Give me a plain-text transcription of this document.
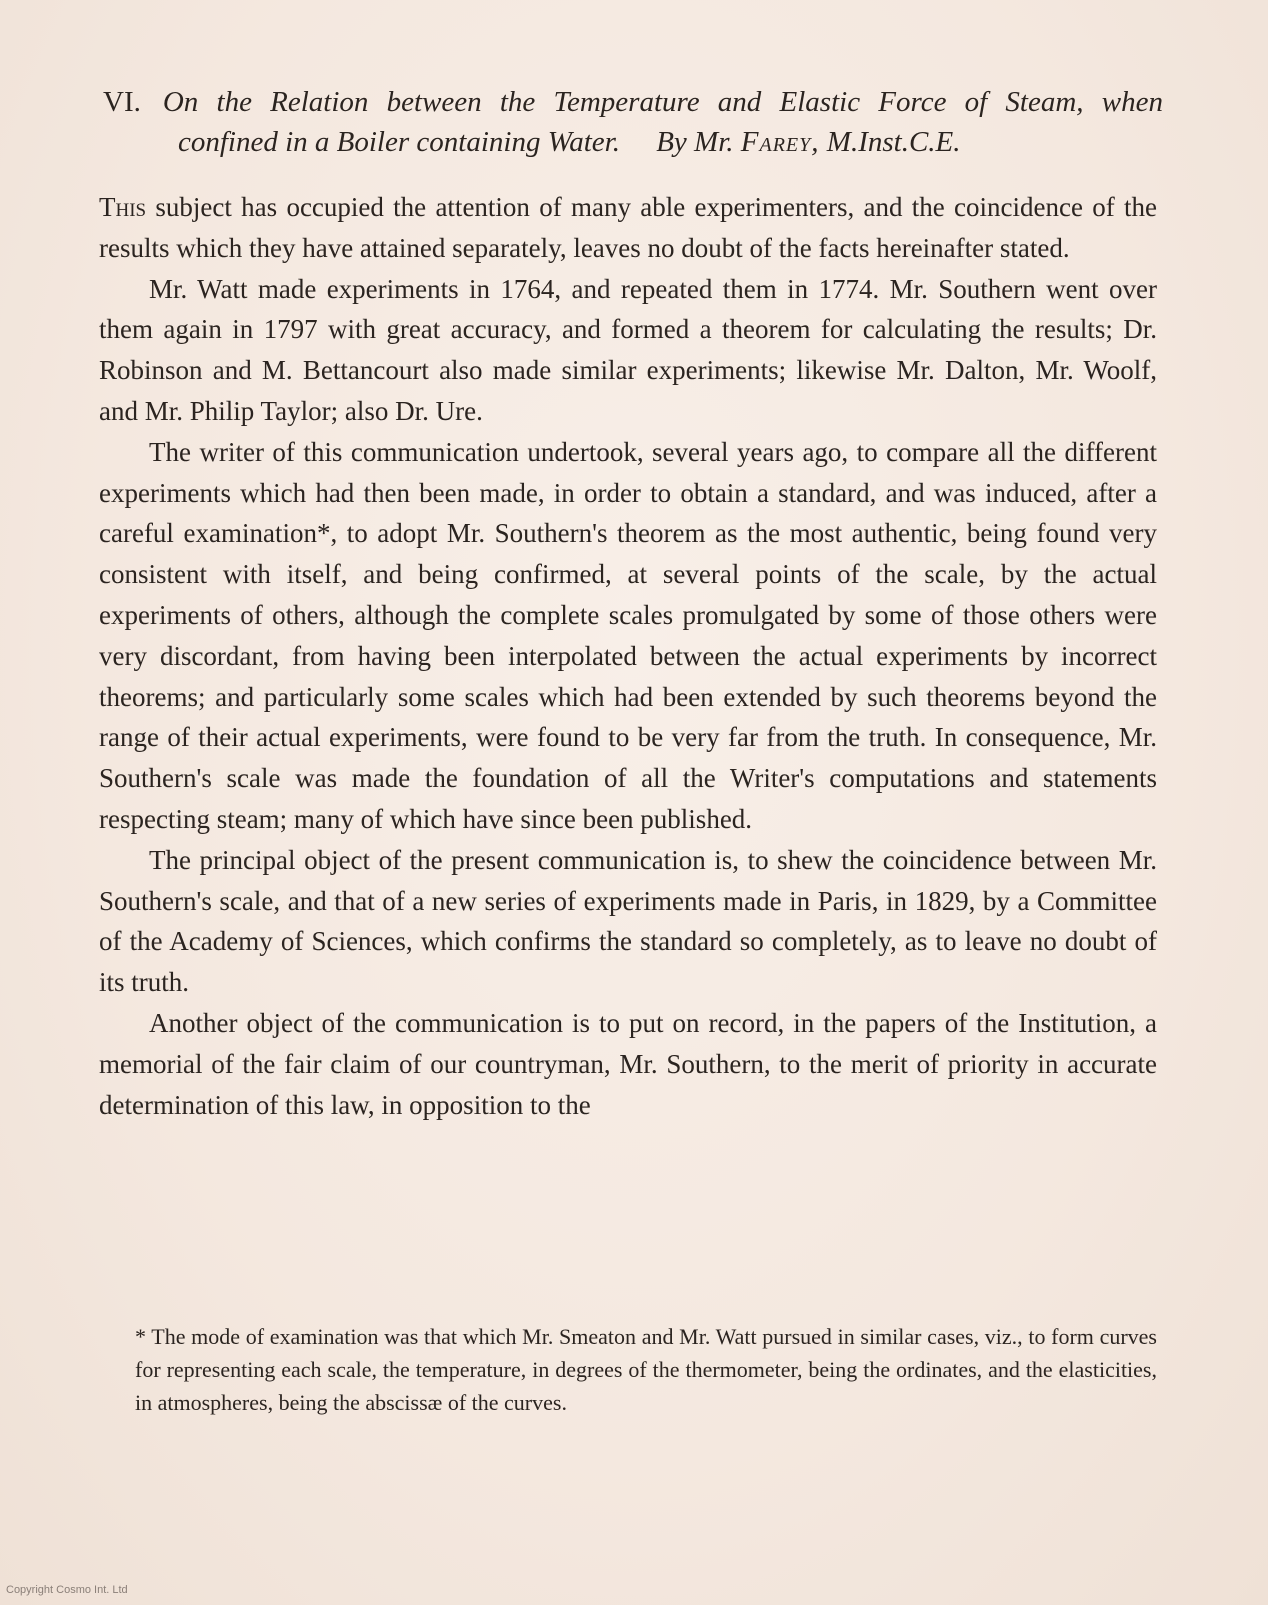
VI. On the Relation between the Temperature and Elastic Force of Steam, when
confined in a Boiler containing Water. By Mr. Farey, M.Inst.C.E.

This subject has occupied the attention of many able experimenters, and the coincidence of the results which they have attained separately, leaves no doubt of the facts hereinafter stated.

Mr. Watt made experiments in 1764, and repeated them in 1774. Mr. Southern went over them again in 1797 with great accuracy, and formed a theorem for calculating the results; Dr. Robinson and M. Bettancourt also made similar experiments; likewise Mr. Dalton, Mr. Woolf, and Mr. Philip Taylor; also Dr. Ure.

The writer of this communication undertook, several years ago, to compare all the different experiments which had then been made, in order to obtain a standard, and was induced, after a careful examination*, to adopt Mr. Southern's theorem as the most authentic, being found very consistent with itself, and being confirmed, at several points of the scale, by the actual experiments of others, although the complete scales promulgated by some of those others were very discordant, from having been interpolated between the actual experiments by incorrect theorems; and particularly some scales which had been extended by such theorems beyond the range of their actual experiments, were found to be very far from the truth. In consequence, Mr. Southern's scale was made the foundation of all the Writer's computations and statements respecting steam; many of which have since been published.

The principal object of the present communication is, to shew the coincidence between Mr. Southern's scale, and that of a new series of experiments made in Paris, in 1829, by a Committee of the Academy of Sciences, which confirms the standard so completely, as to leave no doubt of its truth.

Another object of the communication is to put on record, in the papers of the Institution, a memorial of the fair claim of our countryman, Mr. Southern, to the merit of priority in accurate determination of this law, in opposition to the

* The mode of examination was that which Mr. Smeaton and Mr. Watt pursued in similar cases, viz., to form curves for representing each scale, the temperature, in degrees of the thermometer, being the ordinates, and the elasticities, in atmospheres, being the abscissæ of the curves.
Copyright Cosmo Int. Ltd
